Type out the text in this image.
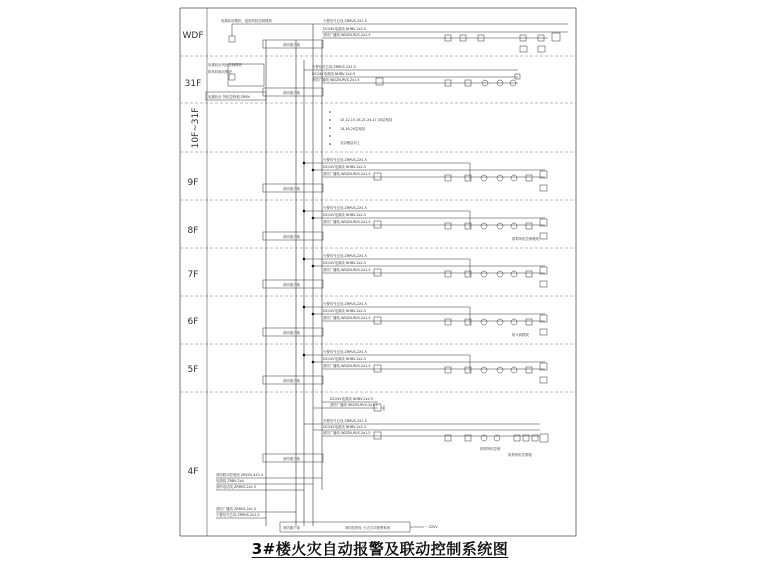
WDF
31F
10F~31F
9F
8F
7F
6F
5F
4F
电梯机房模块、屋面风机控制模块
消防端子箱
火警信号总线 ZRRVS-2X1.5
DC24V电源线 NHBV-2x2.5
消防广播线 WDZN-RVS-2x1.5
电梯机房风机控制模块
排风机联动模块
电梯机房 风机控制箱 ZRBV
消防端子箱
火警信号总线 ZRRVS-2X1.5
DC24V电源线 NHBV-2x2.5
消防广播线 WDZN-RVS-2x1.5
10,12,15,18,21,24,27,30层相同
14,16,20层相同
其余楼层同上
火警信号总线 ZRRVS-2X1.5
DC24V电源线 NHBV-2x2.5
消防广播线 WDZN-RVS-2x1.5
消防端子箱
火警信号总线 ZRRVS-2X1.5
DC24V电源线 NHBV-2x2.5
消防广播线 WDZN-RVS-2x1.5
消防端子箱
火警信号总线 ZRRVS-2X1.5
DC24V电源线 NHBV-2x2.5
消防广播线 WDZN-RVS-2x1.5
消防端子箱
火警信号总线 ZRRVS-2X1.5
DC24V电源线 NHBV-2x2.5
消防广播线 WDZN-RVS-2x1.5
消防端子箱
火警信号总线 ZRRVS-2X1.5
DC24V电源线 NHBV-2x2.5
消防广播线 WDZN-RVS-2x1.5
消防端子箱
排烟风机控制模块
防火阀模块
DC24V电源线 NHBV-2x2.5
消防广播线 WDZN-RVS-2x1.5
火警信号总线 ZRRVS-2X1.5
DC24V电源线 NHBV-2x2.5
消防广播线 WDZN-RVS-2x1.5
消防端子箱
消防联动控制线 ZRKVV-4X1.5
电源线 ZRBV-2x4
消防电话线 ZRRVS-2x1.5
消防广播线 ZRRVS-2x1.5
火警信号总线 ZRRVS-2x1.5
消防端子箱	消防控制室 火灾自动报警系统	~220V
排烟风机控制
排烟风机控制箱
3#楼火灾自动报警及联动控制系统图
